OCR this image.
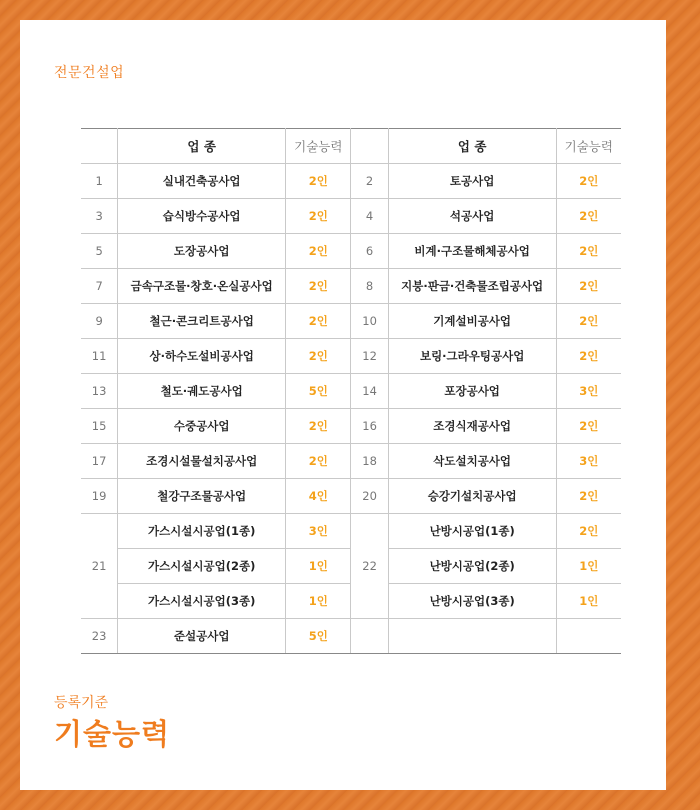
전문건설업
	업 종	기술능력		업 종	기술능력
1	실내건축공사업	2인	2	토공사업	2인
3	습식방수공사업	2인	4	석공사업	2인
5	도장공사업	2인	6	비계·구조물해체공사업	2인
7	금속구조물·창호·온실공사업	2인	8	지붕·판금·건축물조립공사업	2인
9	철근·콘크리트공사업	2인	10	기계설비공사업	2인
11	상·하수도설비공사업	2인	12	보링·그라우팅공사업	2인
13	철도·궤도공사업	5인	14	포장공사업	3인
15	수중공사업	2인	16	조경식재공사업	2인
17	조경시설물설치공사업	2인	18	삭도설치공사업	3인
19	철강구조물공사업	4인	20	승강기설치공사업	2인
21	가스시설시공업(1종)	3인	22	난방시공업(1종)	2인
	가스시설시공업(2종)	1인		난방시공업(2종)	1인
	가스시설시공업(3종)	1인		난방시공업(3종)	1인
23	준설공사업	5인			
등록기준
기술능력
